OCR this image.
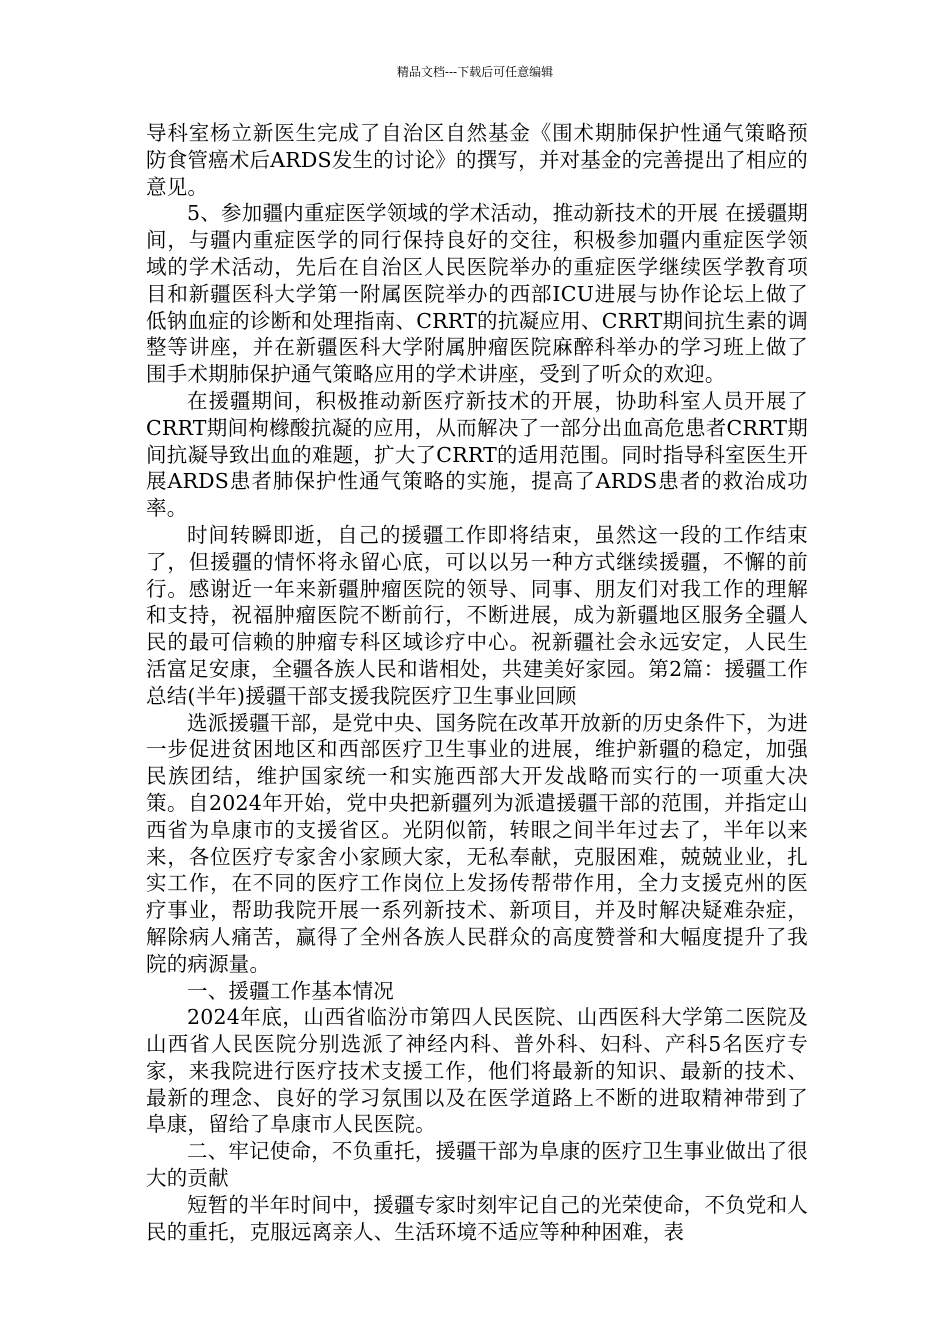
精品文档---下载后可任意编辑

导科室杨立新医生完成了自治区自然基金《围术期肺保护性通气策略预防食管癌术后ARDS发生的讨论》的撰写，并对基金的完善提出了相应的意见。

5、参加疆内重症医学领域的学术活动，推动新技术的开展 在援疆期间，与疆内重症医学的同行保持良好的交往，积极参加疆内重症医学领域的学术活动，先后在自治区人民医院举办的重症医学继续医学教育项目和新疆医科大学第一附属医院举办的西部ICU进展与协作论坛上做了低钠血症的诊断和处理指南、CRRT的抗凝应用、CRRT期间抗生素的调整等讲座，并在新疆医科大学附属肿瘤医院麻醉科举办的学习班上做了围手术期肺保护通气策略应用的学术讲座，受到了听众的欢迎。

在援疆期间，积极推动新医疗新技术的开展，协助科室人员开展了CRRT期间枸橼酸抗凝的应用，从而解决了一部分出血高危患者CRRT期间抗凝导致出血的难题，扩大了CRRT的适用范围。同时指导科室医生开展ARDS患者肺保护性通气策略的实施，提高了ARDS患者的救治成功率。

时间转瞬即逝，自己的援疆工作即将结束，虽然这一段的工作结束了，但援疆的情怀将永留心底，可以以另一种方式继续援疆，不懈的前行。感谢近一年来新疆肿瘤医院的领导、同事、朋友们对我工作的理解和支持，祝福肿瘤医院不断前行，不断进展，成为新疆地区服务全疆人民的最可信赖的肿瘤专科区域诊疗中心。祝新疆社会永远安定，人民生活富足安康，全疆各族人民和谐相处，共建美好家园。第2篇：援疆工作总结(半年)援疆干部支援我院医疗卫生事业回顾

选派援疆干部，是党中央、国务院在改革开放新的历史条件下，为进一步促进贫困地区和西部医疗卫生事业的进展，维护新疆的稳定，加强民族团结，维护国家统一和实施西部大开发战略而实行的一项重大决策。自2024年开始，党中央把新疆列为派遣援疆干部的范围，并指定山西省为阜康市的支援省区。光阴似箭，转眼之间半年过去了，半年以来来，各位医疗专家舍小家顾大家，无私奉献，克服困难，兢兢业业，扎实工作，在不同的医疗工作岗位上发扬传帮带作用，全力支援克州的医疗事业，帮助我院开展一系列新技术、新项目，并及时解决疑难杂症，解除病人痛苦，赢得了全州各族人民群众的高度赞誉和大幅度提升了我院的病源量。

一、援疆工作基本情况

2024年底，山西省临汾市第四人民医院、山西医科大学第二医院及山西省人民医院分别选派了神经内科、普外科、妇科、产科5名医疗专家，来我院进行医疗技术支援工作，他们将最新的知识、最新的技术、最新的理念、良好的学习氛围以及在医学道路上不断的进取精神带到了阜康，留给了阜康市人民医院。

二、牢记使命，不负重托，援疆干部为阜康的医疗卫生事业做出了很大的贡献

短暂的半年时间中，援疆专家时刻牢记自己的光荣使命，不负党和人民的重托，克服远离亲人、生活环境不适应等种种困难，表
